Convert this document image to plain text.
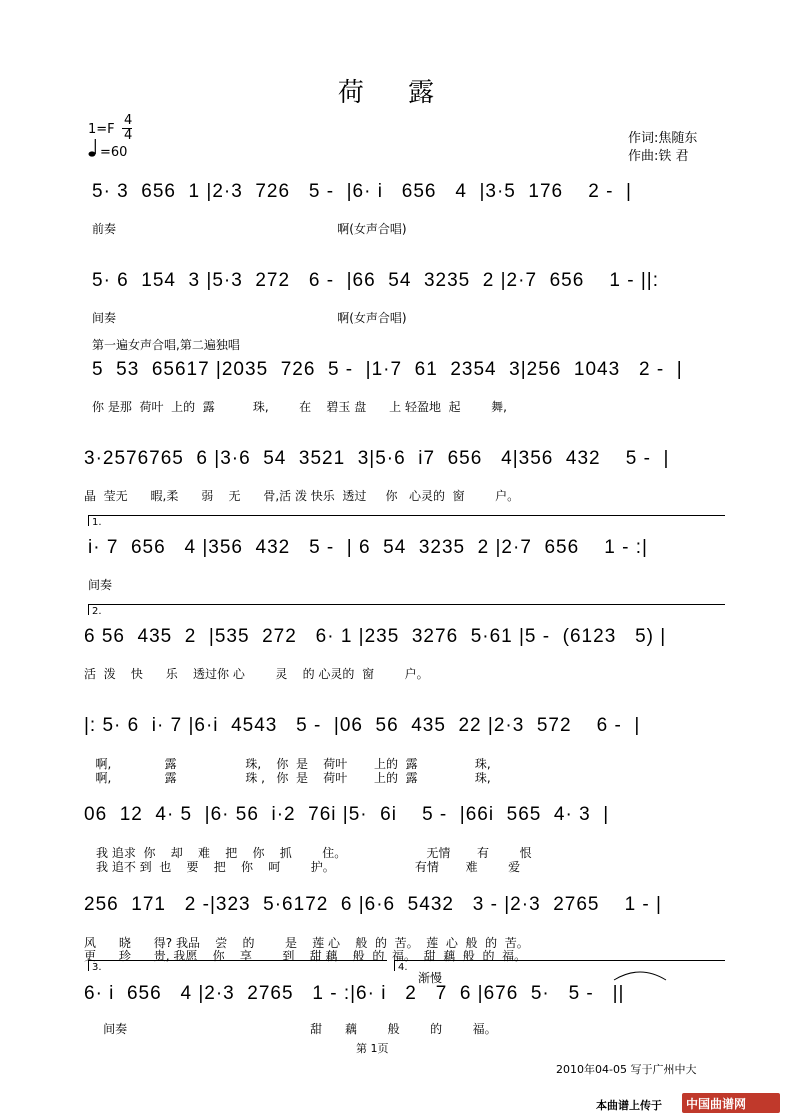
荷 露
1=F
4
4
=60
作词:焦随东
作曲:铁 君
5· 3  656  1 |2·3  726   5 -  |6· i   656   4  |3·5  176    2 -  |
前奏                                                          啊(女声合唱)
5· 6  154  3 |5·3  272   6 -  |66  54  3235  2 |2·7  656    1 - ||:
间奏                                                          啊(女声合唱)
第一遍女声合唱,第二遍独唱
5  53  65617 |2035  726  5 -  |1·7  61  2354  3|256  1043   2 -  |
你 是那  荷叶  上的  露          珠,        在    碧玉 盘      上 轻盈地  起        舞,
3·2576765  6 |3·6  54  3521  3|5·6  i7  656   4|356  432    5 -  |
晶  莹无      暇,柔      弱    无      骨,活 泼 快乐  透过     你   心灵的  窗        户。
1.
i· 7  656   4 |356  432   5 -  | 6  54  3235  2 |2·7  656    1 - :|
间奏
2.
6 56  435  2  |535  272   6· 1 |235  3276  5·61 |5 -  (6123   5) |
活  泼    快      乐    透过你 心        灵    的 心灵的  窗        户。
|: 5· 6  i· 7 |6·i  4543   5 -  |06  56  435  22 |2·3  572    6 -  |
啊,              露                  珠,    你  是    荷叶       上的  露               珠,
啊,              露                  珠 ,   你  是    荷叶       上的  露               珠,
06  12  4· 5  |6· 56  i·2  76i |5·  6i    5 -  |66i  565  4· 3  |
我 追求  你    却    难    把    你    抓        住。                     无情       有        恨
我 追不 到  也    要    把    你    呵        护。                     有情       难        爱
256  171   2 -|323  5·6172  6 |6·6  5432   3 - |2·3  2765    1 - |
风      晓      得? 我品    尝    的        是    莲 心    般  的  苦。  莲  心  般  的  苦。
更      珍      贵, 我愿    你    享        到    甜 藕    般  的  福。  甜  藕  般  的  福。
3.	4.
渐慢
6· i  656   4 |2·3  2765   1 - :|6· i   2   7  6 |676  5·   5 -   ||
间奏                                                甜      藕        般        的        福。
第 1页
2010年04-05 写于广州中大
本曲谱上传于 中国曲谱网
